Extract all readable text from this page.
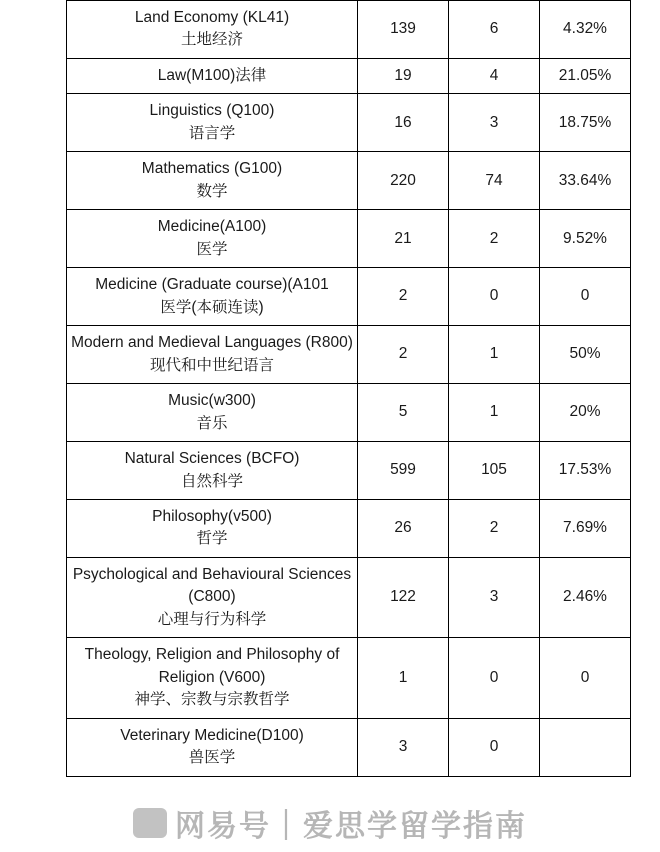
Land Economy (KL41)
土地经济	139	6	4.32%

Law(M100)法律	19	4	21.05%

Linguistics (Q100)
语言学	16	3	18.75%

Mathematics (G100)
数学	220	74	33.64%

Medicine(A100)
医学	21	2	9.52%

Medicine (Graduate course)(A101
医学(本硕连读)	2	0	0

Modern and Medieval Languages (R800)
现代和中世纪语言	2	1	50%

Music(w300)
音乐	5	1	20%

Natural Sciences (BCFO)
自然科学	599	105	17.53%

Philosophy(v500)
哲学	26	2	7.69%

Psychological and Behavioural Sciences (C800)
心理与行为科学	122	3	2.46%

Theology, Religion and Philosophy of Religion (V600)
神学、宗教与宗教哲学	1	0	0

Veterinary Medicine(D100)
兽医学	3	0	
网易号｜爱思学留学指南
